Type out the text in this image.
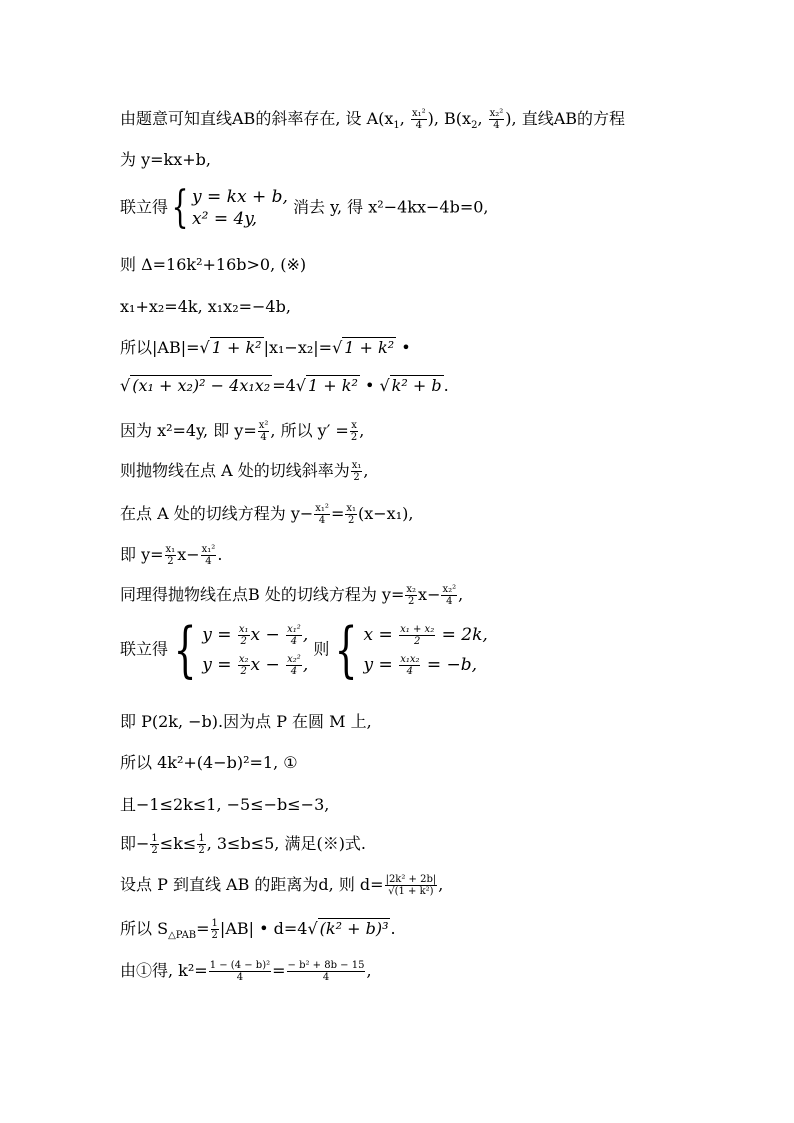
由题意可知直线AB的斜率存在, 设 $A(x_1$, $\frac{\text{x₁²}}{4}$ ), $B(x_2$, $\frac{\text{x₂²}}{4}$ ), 直线AB的方程
为 y=kx+b,
联立得{ y = kx + b,
x² = 4y, 消去 y, 得 x²−4kx−4b=0,
则 Δ=16k²+16b>0, (※)
x₁+x₂=4k, x₁x₂=−4b,
所以|AB|=√ 1 + k² |x₁−x₂|=√ 1 + k² •
√ (x₁ + x₂)² − 4x₁x₂ =4√ 1 + k² • √ k² + b .
因为 x²=4y, 即 $y= \frac{\text{x²}}{4}$ , 所以 $y' = \frac{x}{2}$ ,
则抛物线在点 A 处的切线斜率为 $\frac{\text{x₁}}{2}$ ,
在点 A 处的切线方程为 $y- \frac{\text{x₁²}}{4} = \frac{\text{x₁}}{2} (x-x_1)$,
即 $y= \frac{\text{x₁}}{2} x- \frac{\text{x₁²}}{4}$ .
同理得抛物线在点B 处的切线方程为 $y= \frac{\text{x₂}}{2} x- \frac{\text{x₂²}}{4}$ ,
联立得{ $y = \frac{\text{x₁}}{2}$ $x - \frac{\text{x₁²}}{4}$ ,
$y = \frac{\text{x₂}}{2}$ $x - \frac{\text{x₂²}}{4}$ , 则{ $x = \frac{\text{x₁ + x₂}}{2} = 2k$,
$y = \frac{\text{x₁x₂}}{4} = -b$,
即 P(2k, −b).因为点 P 在圆 M 上,
所以 4k²+(4−b)²=1, ①
且−1≤2k≤1, −5≤−b≤−3,
即− $\frac{1}{2} \le k\le \frac{1}{2}$ , 3≤b≤5, 满足(※)式.
设点 P 到直线 AB 的距离为d, 则 $d= \frac{\text{|2k² + 2b|}}{\text{√(1 + k²)}}$ ,
所以 $S_{\triangle PAB}= \frac{1}{2} |AB|$ • d=4√ (k² + b)³ .
由①得, $k^2= \frac{\text{1 − (4 − b)²}}{4} = \frac{\text{− b² + 8b − 15}}{4}$ ,
